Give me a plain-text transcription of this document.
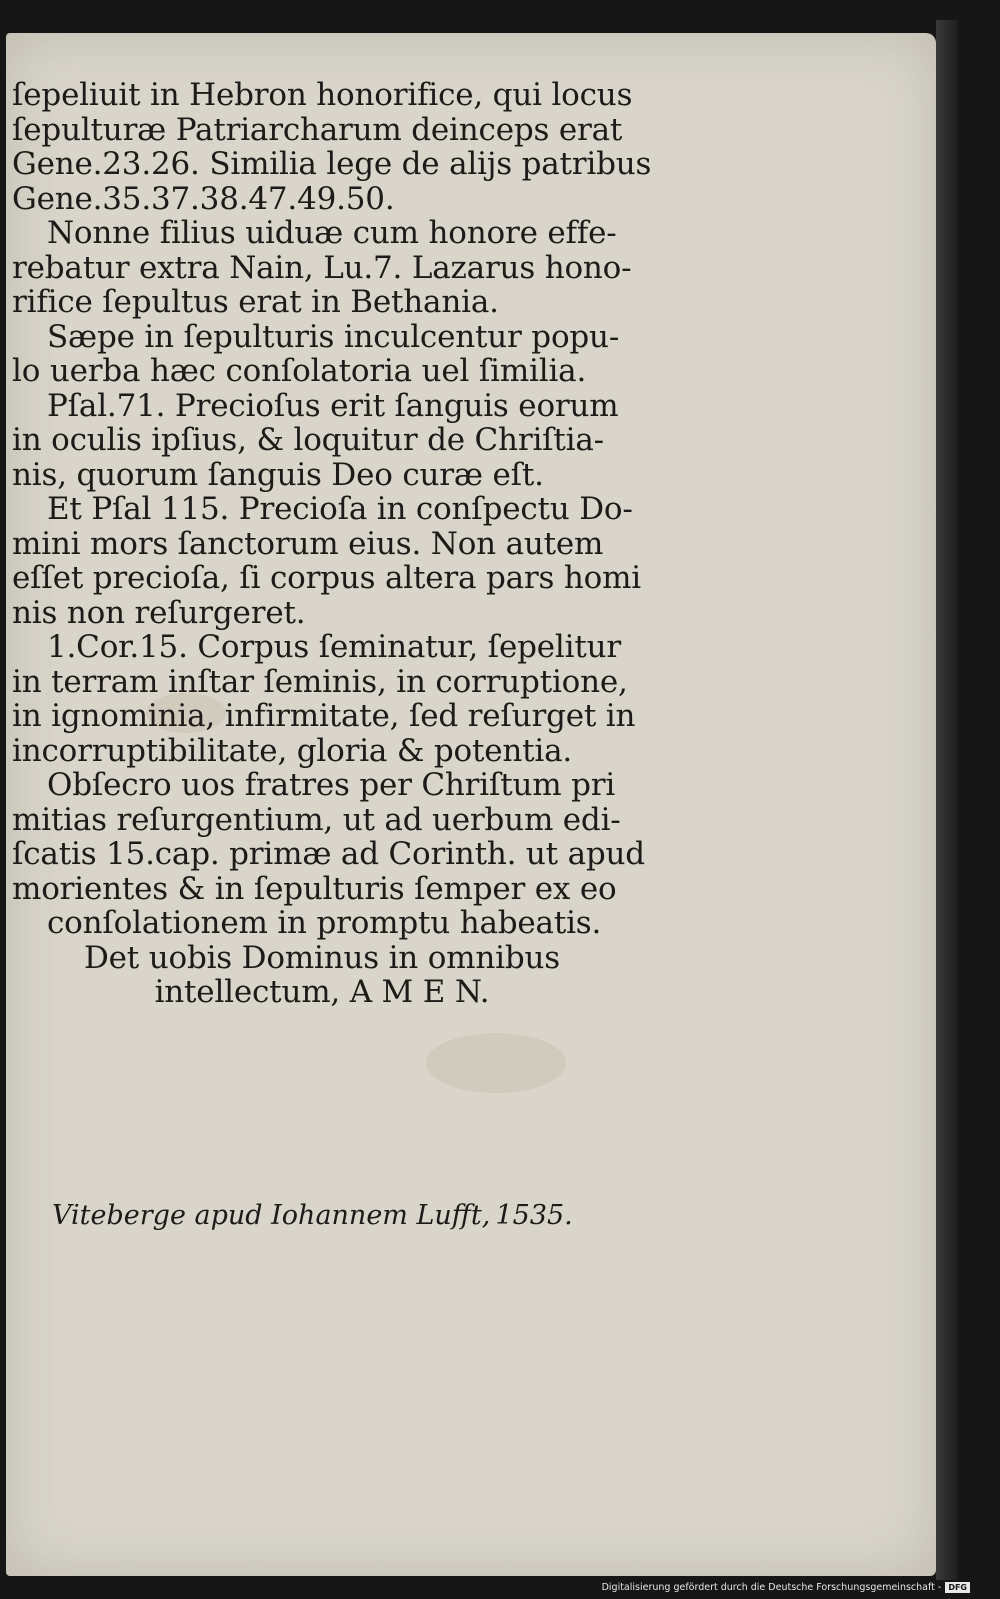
ſepeliuit in Hebron honorifice, qui locus
ſepulturæ Patriarcharum deinceps erat
Gene.23.26. Similia lege de aliјs patribus
Gene.35.37.38.47.49.50.
Nonne filius uiduæ cum honore effe-
rebatur extra Nain, Lu.7. Lazarus hono-
rifice ſepultus erat in Bethania.
Sæpe in ſepulturis inculcentur popu-
lo uerba hæc conſolatoria uel ſimilia.
Pſal.71. Precioſus erit ſanguis eorum
in oculis ipſius, & loquitur de Chriſtia-
nis, quorum ſanguis Deo curæ eſt.
Et Pſal 115. Precioſa in conſpectu Do-
mini mors ſanctorum eius. Non autem
eſſet precioſa, ſi corpus altera pars homi
nis non reſurgeret.
1.Cor.15. Corpus ſeminatur, ſepelitur
in terram inſtar ſeminis, in corruptione,
in ignominia, infirmitate, ſed reſurget in
incorruptibilitate, gloria & potentia.
Obſecro uos fratres per Chriſtum pri
mitias reſurgentium, ut ad uerbum edi-
ſcatis 15.cap. primæ ad Corinth. ut apud
morientes & in ſepulturis ſemper ex eo
conſolationem in promptu habeatis.
Det uobis Dominus in omnibus
intellectum, A M E N.
Viteberge apud Iohannem Lufft, 1535.
Digitalisierung gefördert durch die Deutsche Forschungsgemeinschaft - DFG
